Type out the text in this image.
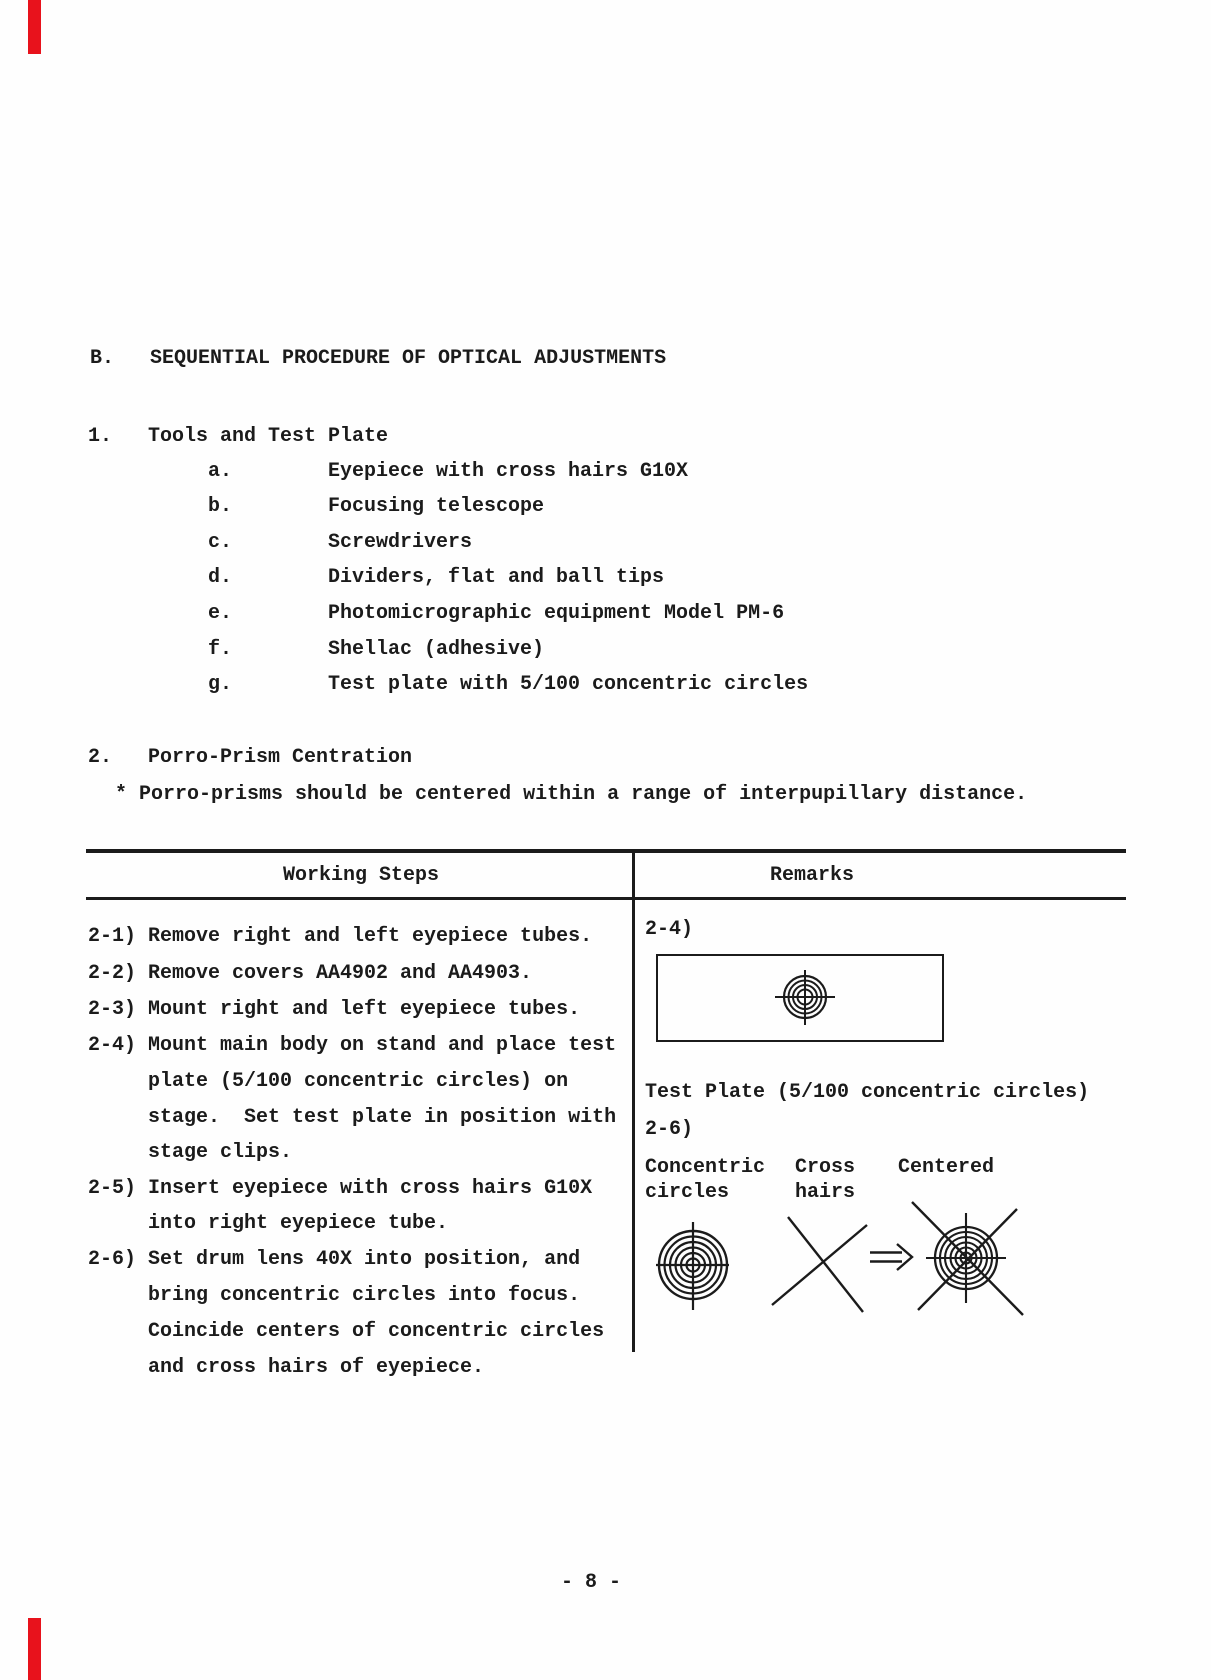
B. SEQUENTIAL PROCEDURE OF OPTICAL ADJUSTMENTS
1. Tools and Test Plate
a.	Eyepiece with cross hairs G10X
b.	Focusing telescope
c.	Screwdrivers
d.	Dividers, flat and ball tips
e.	Photomicrographic equipment Model PM-6
f.	Shellac (adhesive)
g.	Test plate with 5/100 concentric circles
2. Porro-Prism Centration
* Porro-prisms should be centered within a range of interpupillary distance.
Working Steps	Remarks
2-1) Remove right and left eyepiece tubes.
2-2) Remove covers AA4902 and AA4903.
2-3) Mount right and left eyepiece tubes.
2-4) Mount main body on stand and place test
plate (5/100 concentric circles) on
stage.  Set test plate in position with
stage clips.
2-5) Insert eyepiece with cross hairs G10X
into right eyepiece tube.
2-6) Set drum lens 40X into position, and
bring concentric circles into focus.
Coincide centers of concentric circles
and cross hairs of eyepiece.
2-4)
Test Plate (5/100 concentric circles)
2-6)
Concentric
circles
Cross
hairs
Centered
- 8 -
